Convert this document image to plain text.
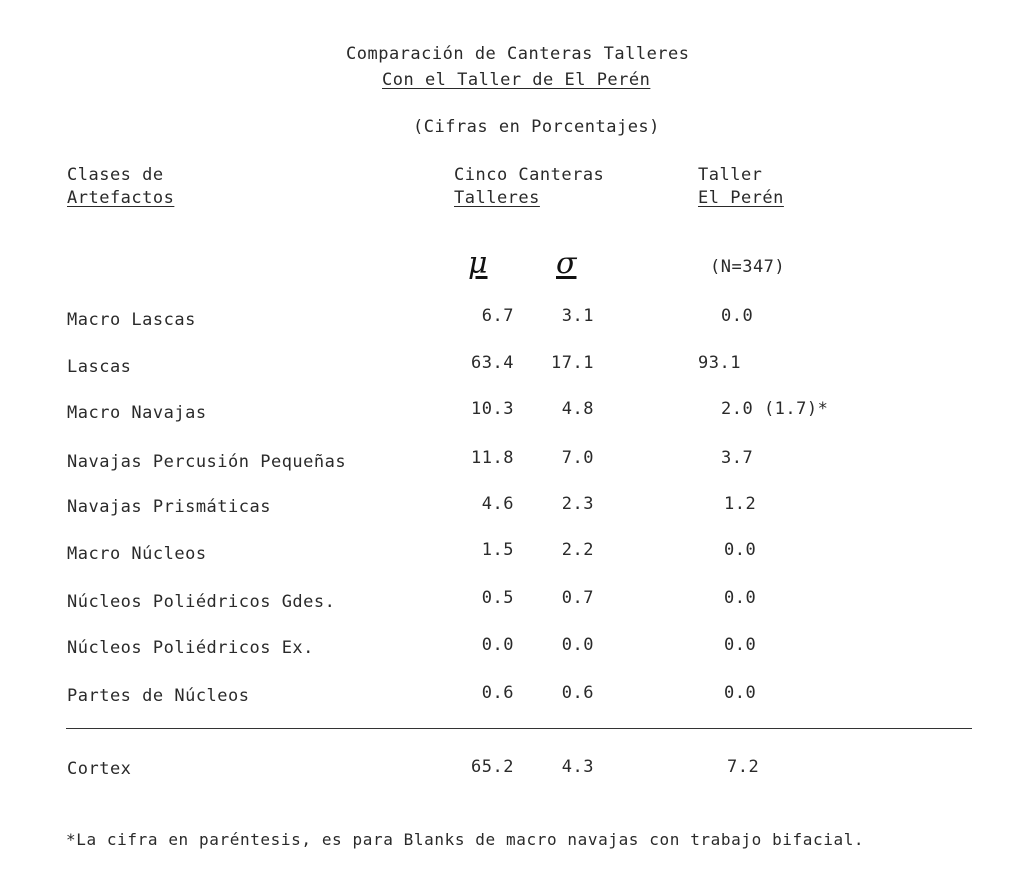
Comparación de Canteras Talleres
Con el Taller de El Perén
(Cifras en Porcentajes)
Clases de
Artefactos
Cinco Canteras
Talleres
Taller
El Perén
μ σ	(N=347)
Macro Lascas	6.7	3.1	0.0
Lascas	63.4 17.1	93.1
Macro Navajas	10.3	4.8	2.0 (1.7)*
Navajas Percusión Pequeñas	11.8	7.0	3.7
Navajas Prismáticas	4.6	2.3	1.2
Macro Núcleos	1.5	2.2	0.0
Núcleos Poliédricos Gdes.	0.5	0.7	0.0
Núcleos Poliédricos Ex.	0.0	0.0	0.0
Partes de Núcleos	0.6	0.6	0.0
Cortex	65.2	4.3	7.2
*La cifra en paréntesis, es para Blanks de macro navajas con trabajo bifacial.
